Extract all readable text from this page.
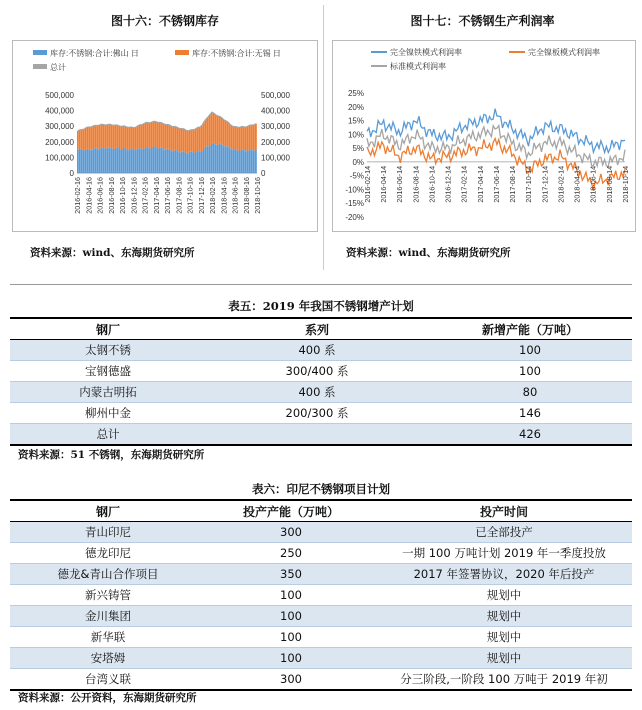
图十六：不锈钢库存
库存:不锈钢:合计:佛山 日	库存:不锈钢:合计:无锡 日
总计
500,000
400,000
300,000
200,000
100,000
0
500,000
400,000
300,000
200,000
100,000
0
2016-02-16 2016-04-16 2016-06-16 2016-08-16 2016-10-16 2016-12-16 2017-02-16 2017-04-16 2017-06-16 2017-08-16 2017-10-16 2017-12-16 2018-02-16 2018-04-16 2018-06-16 2018-08-16 2018-10-16
资料来源：wind、东海期货研究所
图十七：不锈钢生产利润率
完全镍铁模式利润率	完全镍板模式利润率
标准模式利润率
25%
20%
15%
10%
5%
0%
-5%
-10%
-15%
-20%
2016-02-14 2016-04-14 2016-06-14 2016-08-14 2016-10-14 2016-12-14 2017-02-14 2017-04-14 2017-06-14 2017-08-14 2017-10-14 2017-12-14 2018-02-14 2018-04-14 2018-06-14 2018-08-14 2018-10-14
资料来源：wind、东海期货研究所
表五：2019 年我国不锈钢增产计划
钢厂	系列	新增产能（万吨）
太钢不锈	400 系	100
宝钢德盛	300/400 系	100
内蒙古明拓	400 系	80
柳州中金	200/300 系	146
总计		426
资料来源：51 不锈钢，东海期货研究所
表六：印尼不锈钢项目计划
钢厂	投产产能（万吨）	投产时间
青山印尼	300	已全部投产
德龙印尼	250	一期 100 万吨计划 2019 年一季度投放
德龙&青山合作项目	350	2017 年签署协议，2020 年后投产
新兴铸管	100	规划中
金川集团	100	规划中
新华联	100	规划中
安塔姆	100	规划中
台湾义联	300	分三阶段,一阶段 100 万吨于 2019 年初
资料来源：公开资料，东海期货研究所
